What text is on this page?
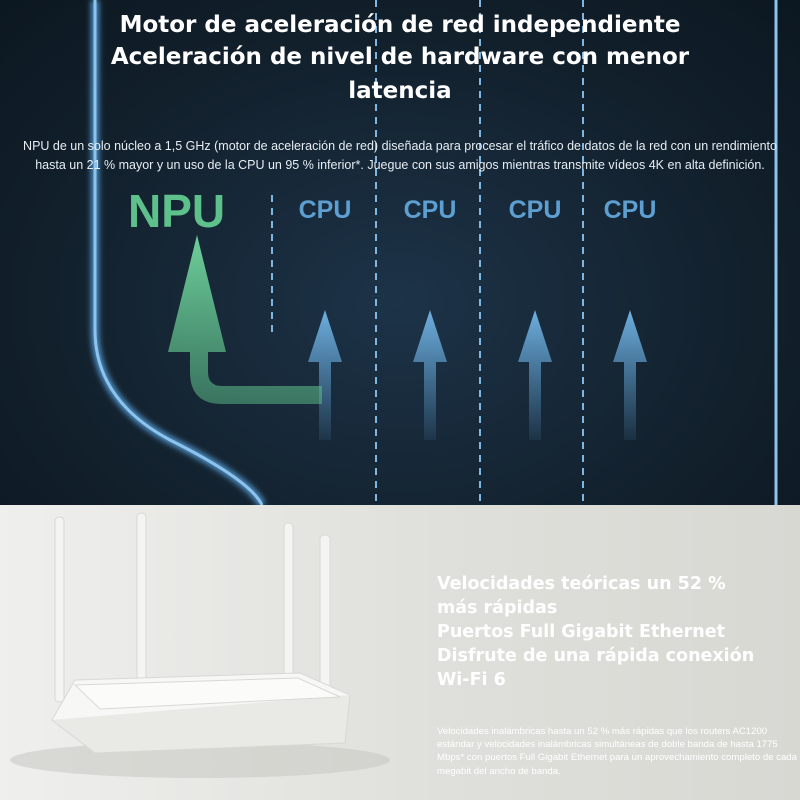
Motor de aceleración de red independiente
Aceleración de nivel de hardware con menor
latencia
NPU de un solo núcleo a 1,5 GHz (motor de aceleración de red) diseñada para procesar el tráfico de datos de la red con un rendimiento hasta un 21 % mayor y un uso de la CPU un 95 % inferior*. Juegue con sus amigos mientras transmite vídeos 4K en alta definición.
NPU	CPU	CPU	CPU	CPU
Velocidades teóricas un 52 %
más rápidas
Puertos Full Gigabit Ethernet
Disfrute de una rápida conexión
Wi-Fi 6
Velocidades inalámbricas hasta un 52 % más rápidas que los routers AC1200 estándar y velocidades inalámbricas simultáneas de doble banda de hasta 1775 Mbps* con puertos Full Gigabit Ethernet para un aprovechamiento completo de cada megabit del ancho de banda.
